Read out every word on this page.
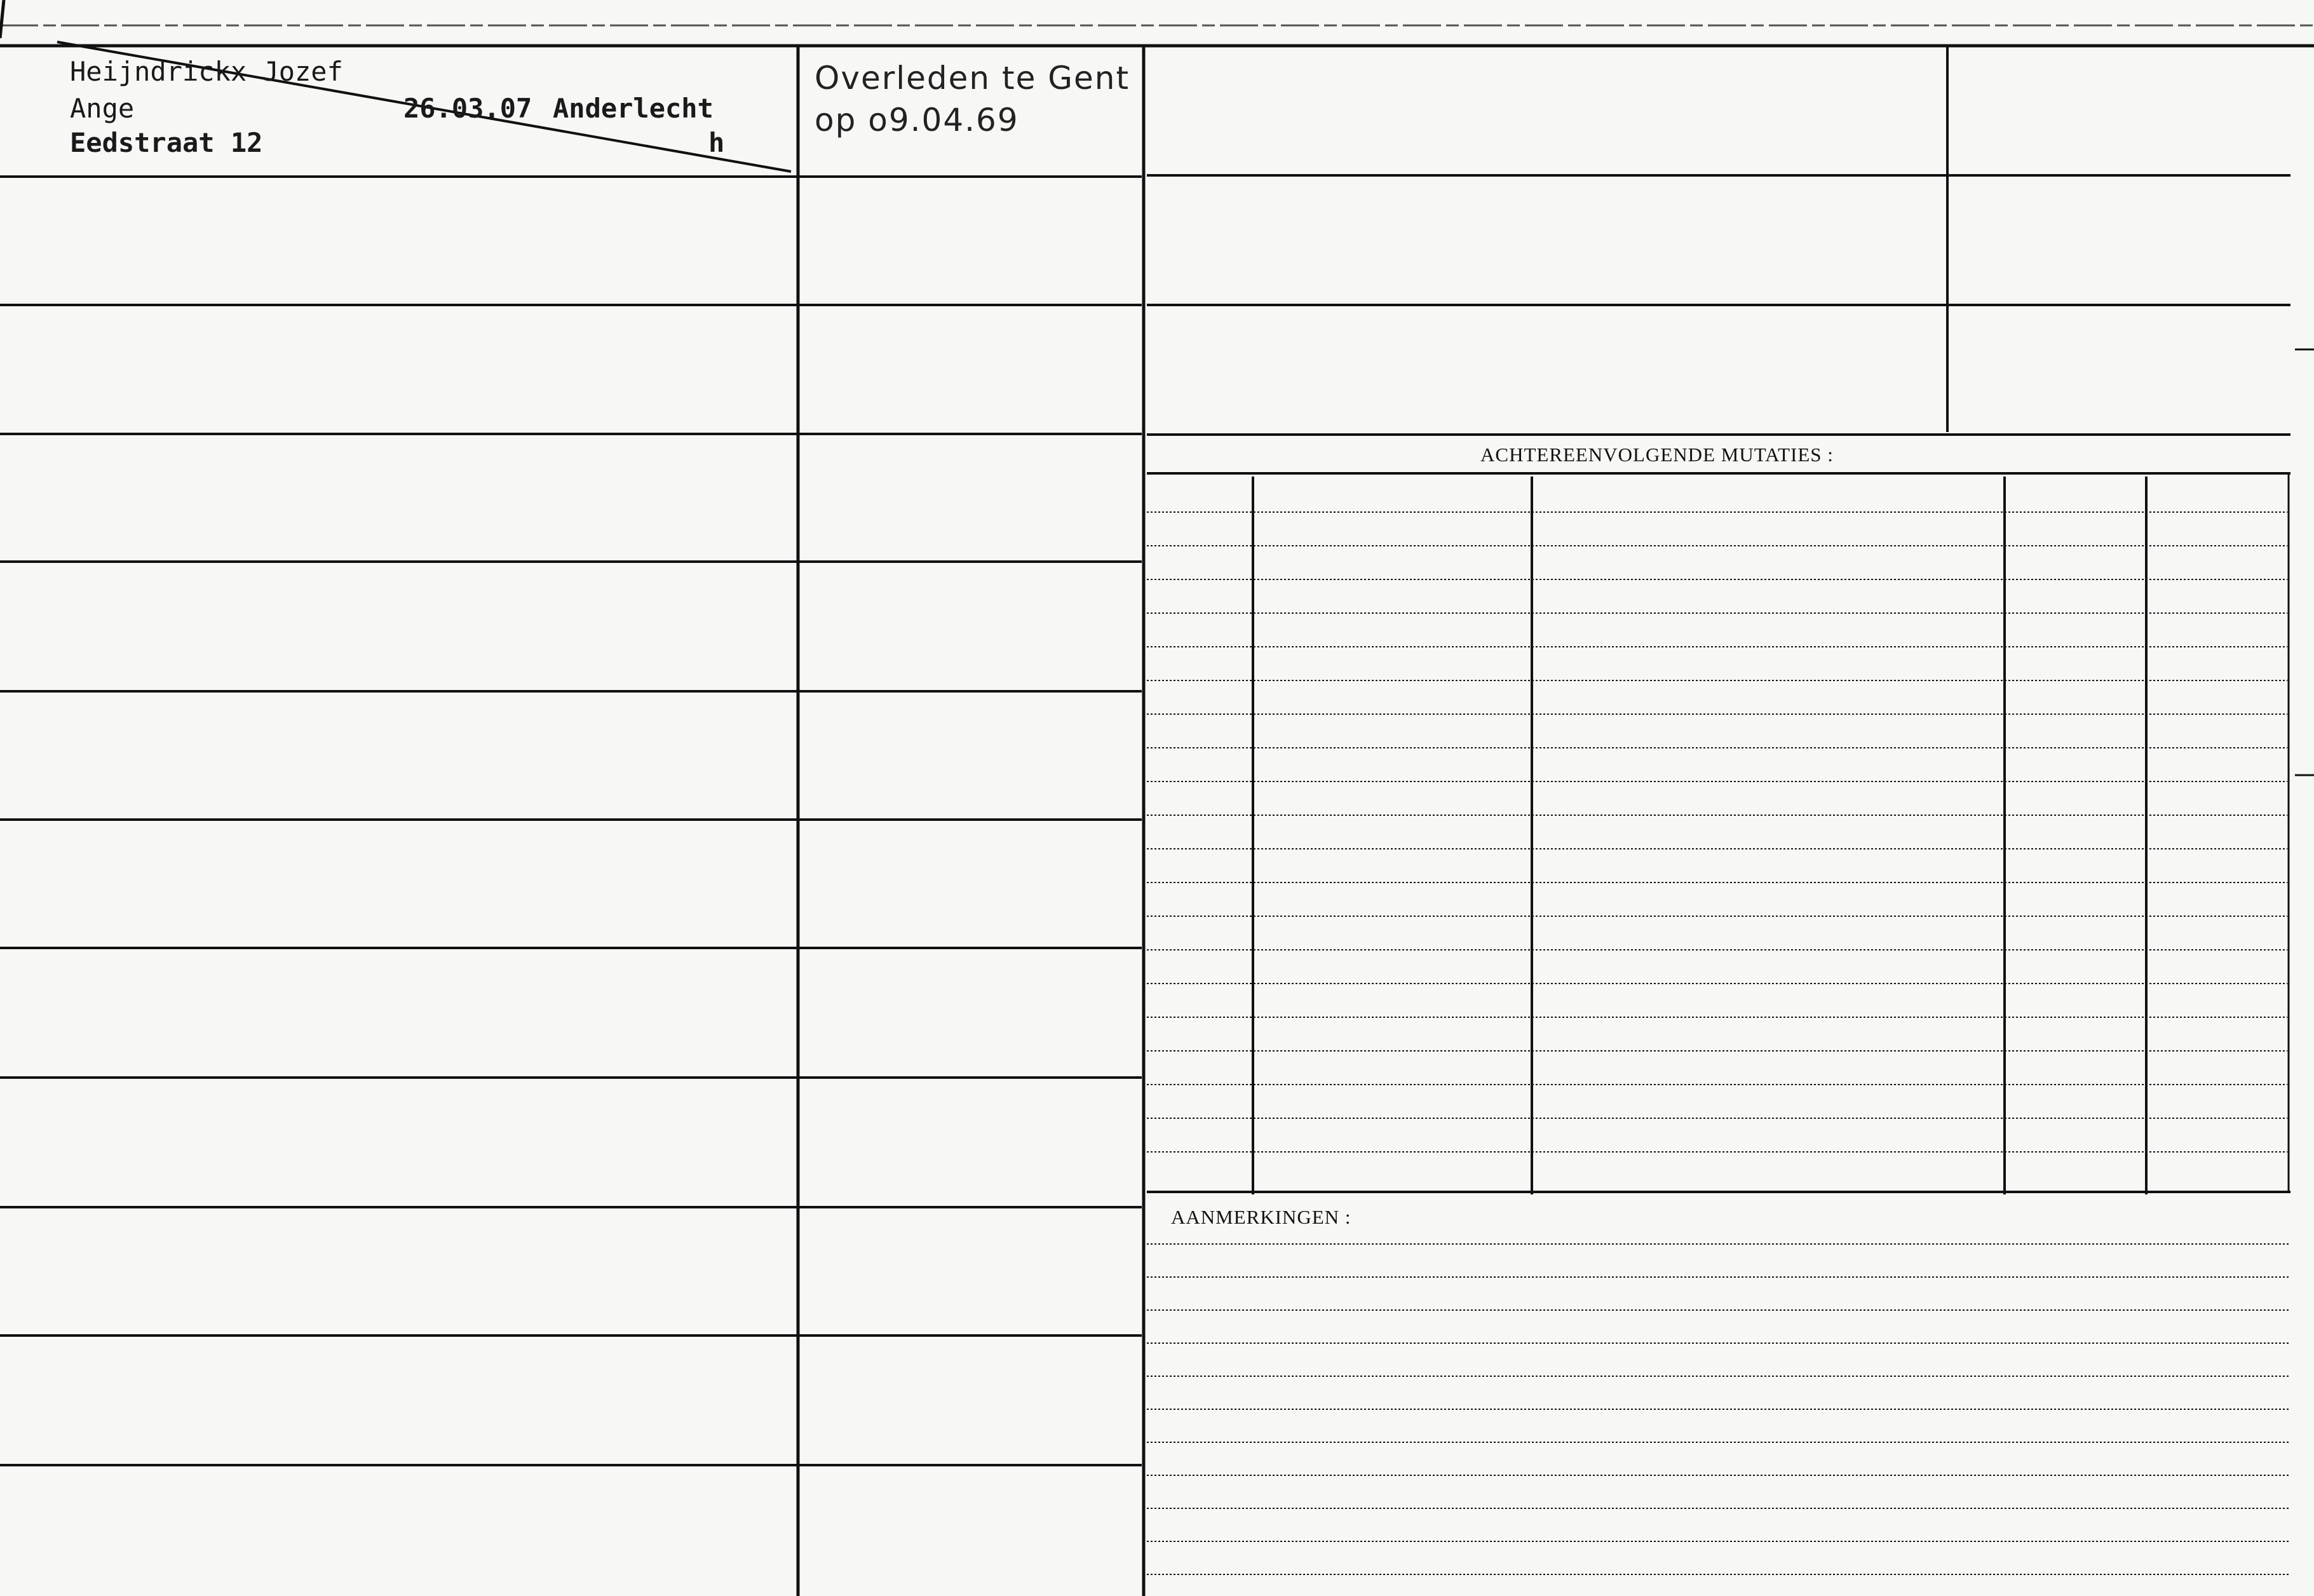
Heijndrickx Jozef
Ange	26.03.07 Anderlecht
Eedstraat 12	h
Overleden te Gent
op o9.04.69
ACHTEREENVOLGENDE MUTATIES :
AANMERKINGEN :
